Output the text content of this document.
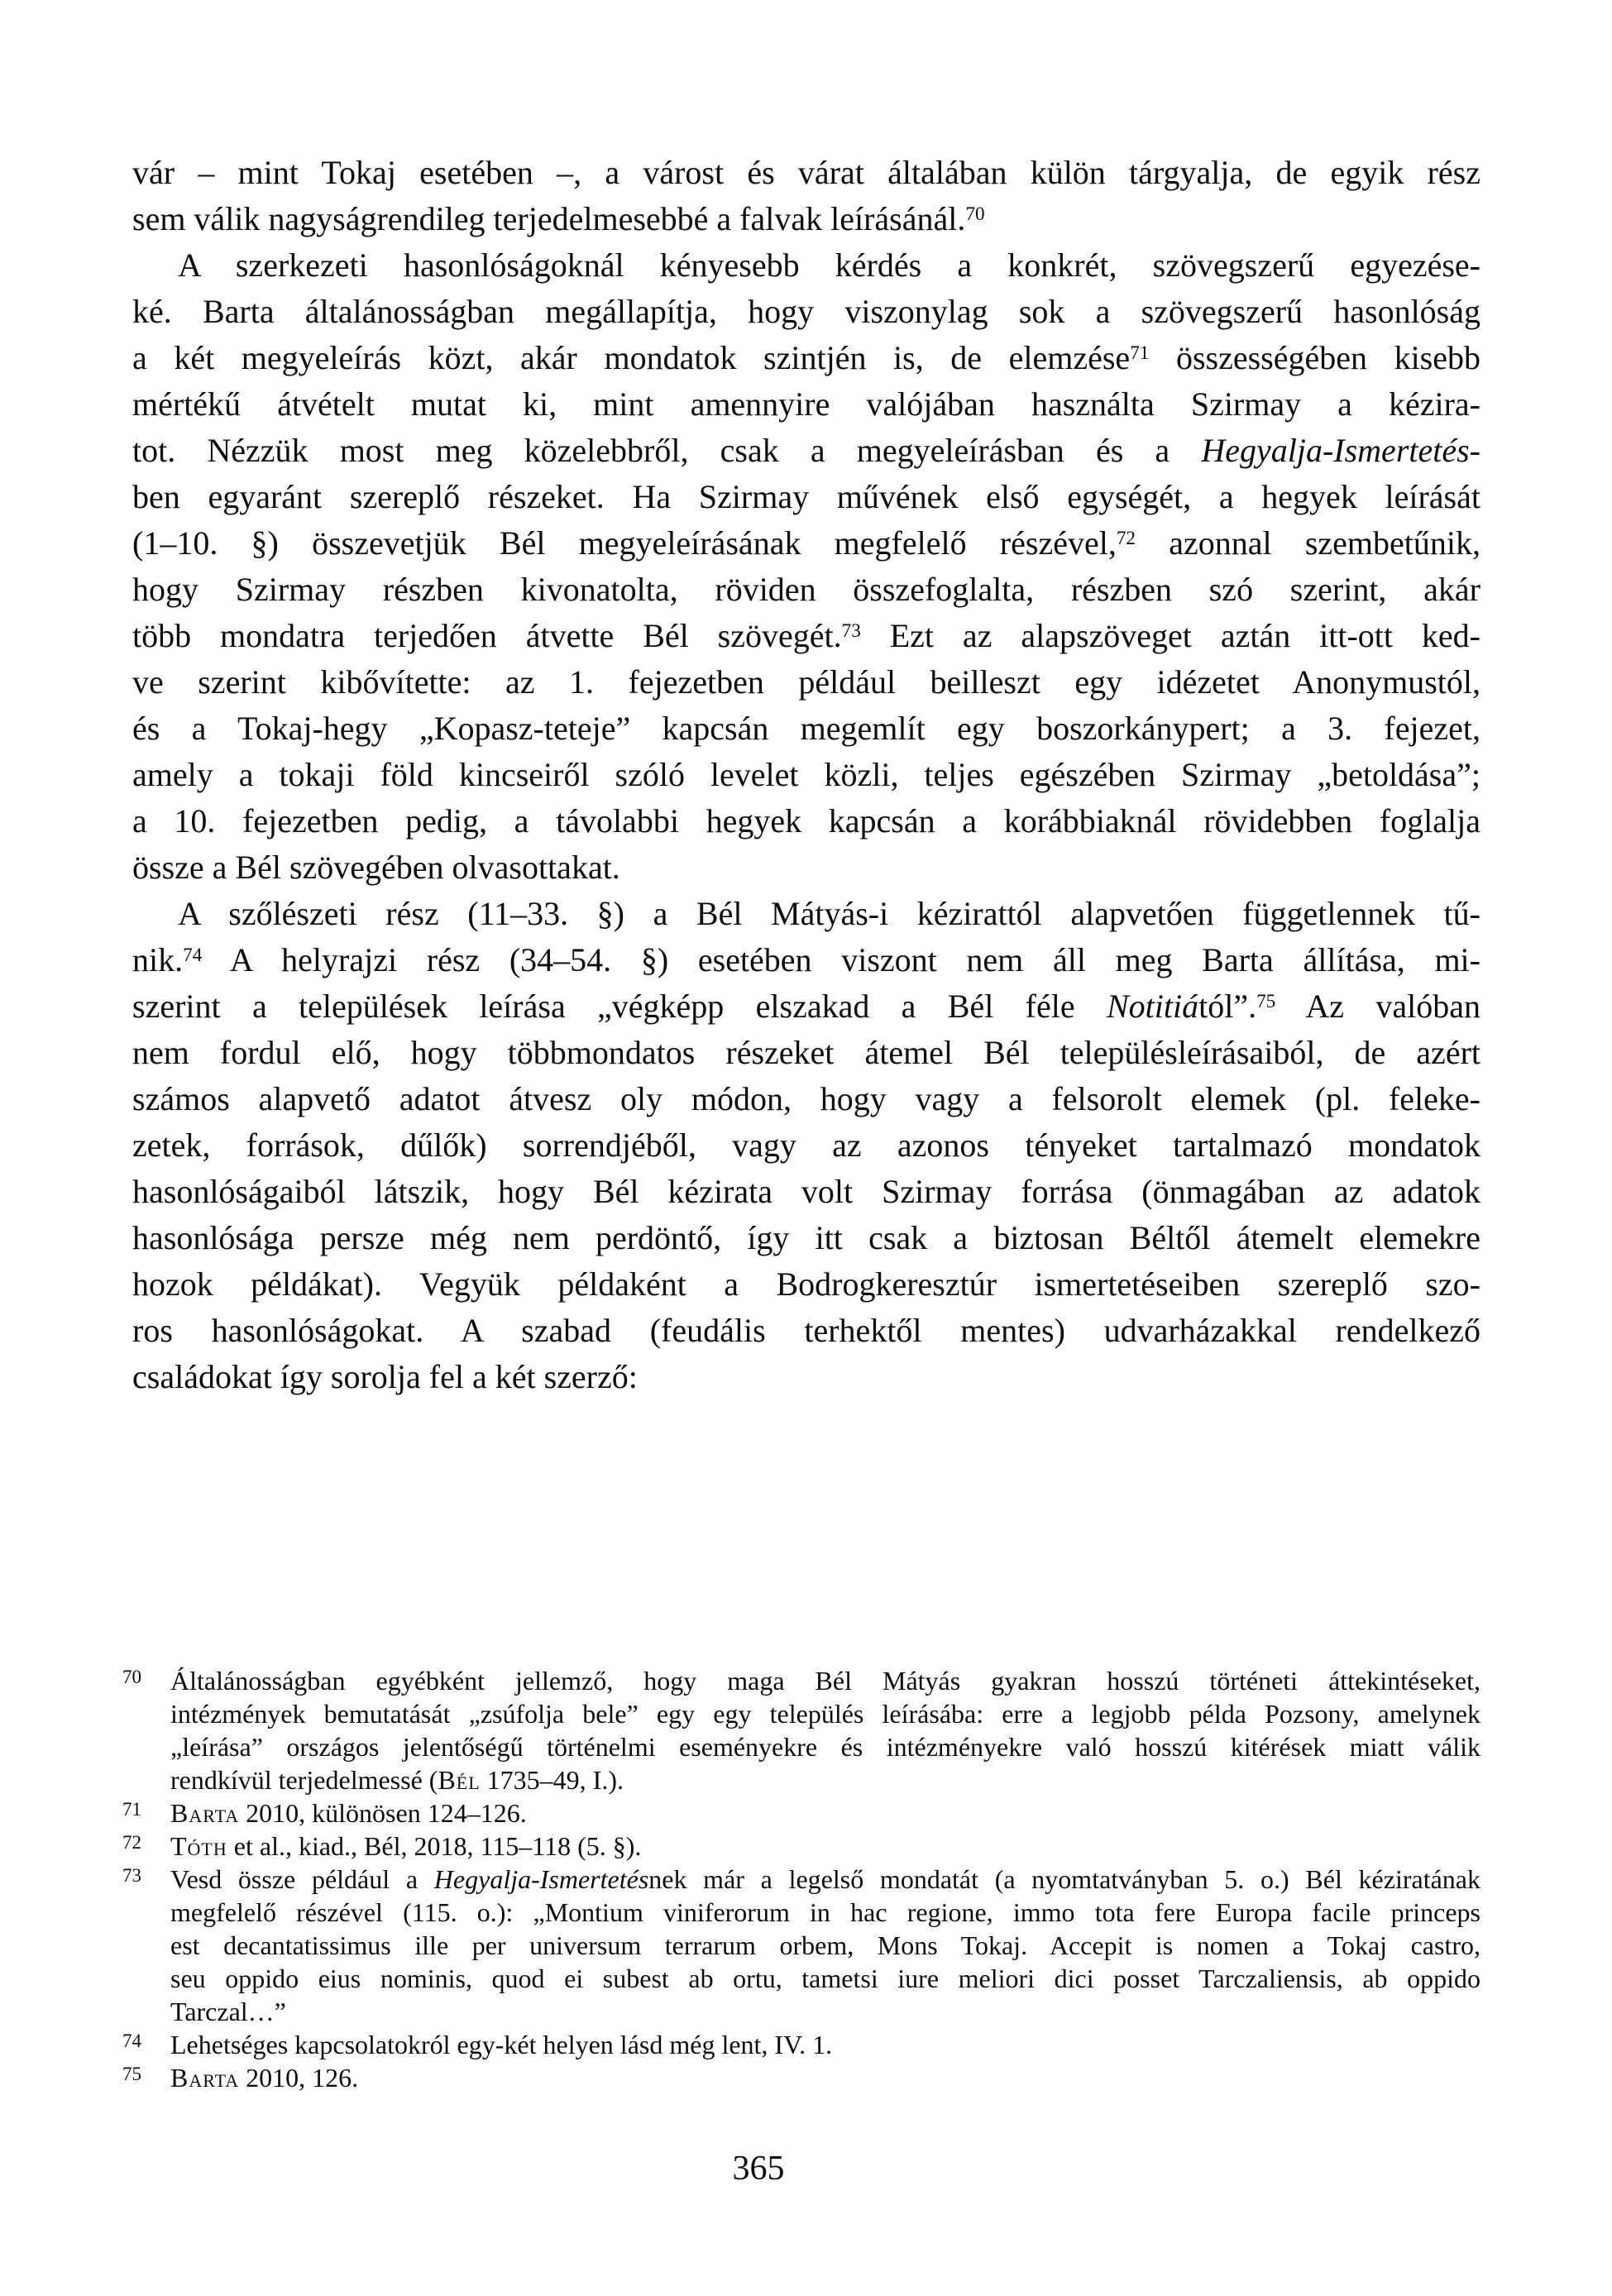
vár – mint Tokaj esetében –, a várost és várat általában külön tárgyalja, de egyik rész
sem válik nagyságrendileg terjedelmesebbé a falvak leírásánál.$^{70}$
A szerkezeti hasonlóságoknál kényesebb kérdés a konkrét, szövegszerű egyezése-
ké. Barta általánosságban megállapítja, hogy viszonylag sok a szövegszerű hasonlóság
a két megyeleírás közt, akár mondatok szintjén is, de elemzése$^{71}$ összességében kisebb
mértékű átvételt mutat ki, mint amennyire valójában használta Szirmay a kézira-
tot. Nézzük most meg közelebbről, csak a megyeleírásban és a Hegyalja-Ismertetés-
ben egyaránt szereplő részeket. Ha Szirmay művének első egységét, a hegyek leírását
(1–10. §) összevetjük Bél megyeleírásának megfelelő részével,$^{72}$ azonnal szembetűnik,
hogy Szirmay részben kivonatolta, röviden összefoglalta, részben szó szerint, akár
több mondatra terjedően átvette Bél szövegét.$^{73}$ Ezt az alapszöveget aztán itt-ott ked-
ve szerint kibővítette: az 1. fejezetben például beilleszt egy idézetet Anonymustól,
és a Tokaj-hegy „Kopasz-teteje” kapcsán megemlít egy boszorkánypert; a 3. fejezet,
amely a tokaji föld kincseiről szóló levelet közli, teljes egészében Szirmay „betoldása”;
a 10. fejezetben pedig, a távolabbi hegyek kapcsán a korábbiaknál rövidebben foglalja
össze a Bél szövegében olvasottakat.
A szőlészeti rész (11–33. §) a Bél Mátyás-i kézirattól alapvetően függetlennek tű-
nik.$^{74}$ A helyrajzi rész (34–54. §) esetében viszont nem áll meg Barta állítása, mi-
szerint a települések leírása „végképp elszakad a Bél féle Notitiától”.$^{75}$ Az valóban
nem fordul elő, hogy többmondatos részeket átemel Bél településleírásaiból, de azért
számos alapvető adatot átvesz oly módon, hogy vagy a felsorolt elemek (pl. feleke-
zetek, források, dűlők) sorrendjéből, vagy az azonos tényeket tartalmazó mondatok
hasonlóságaiból látszik, hogy Bél kézirata volt Szirmay forrása (önmagában az adatok
hasonlósága persze még nem perdöntő, így itt csak a biztosan Béltől átemelt elemekre
hozok példákat). Vegyük példaként a Bodrogkeresztúr ismertetéseiben szereplő szo-
ros hasonlóságokat. A szabad (feudális terhektől mentes) udvarházakkal rendelkező
családokat így sorolja fel a két szerző:
70 Általánosságban egyébként jellemző, hogy maga Bél Mátyás gyakran hosszú történeti áttekintéseket,
intézmények bemutatását „zsúfolja bele” egy egy település leírásába: erre a legjobb példa Pozsony, amelynek
„leírása” országos jelentőségű történelmi eseményekre és intézményekre való hosszú kitérések miatt válik
rendkívül terjedelmessé (Bél 1735–49, I.).
71 Barta 2010, különösen 124–126.
72 Tóth et al., kiad., Bél, 2018, 115–118 (5. §).
73 Vesd össze például a Hegyalja-Ismertetésnek már a legelső mondatát (a nyomtatványban 5. o.) Bél kéziratának
megfelelő részével (115. o.): „Montium viniferorum in hac regione, immo tota fere Europa facile princeps
est decantatissimus ille per universum terrarum orbem, Mons Tokaj. Accepit is nomen a Tokaj castro,
seu oppido eius nominis, quod ei subest ab ortu, tametsi iure meliori dici posset Tarczaliensis, ab oppido
Tarczal…”
74 Lehetséges kapcsolatokról egy-két helyen lásd még lent, IV. 1.
75 Barta 2010, 126.
365
